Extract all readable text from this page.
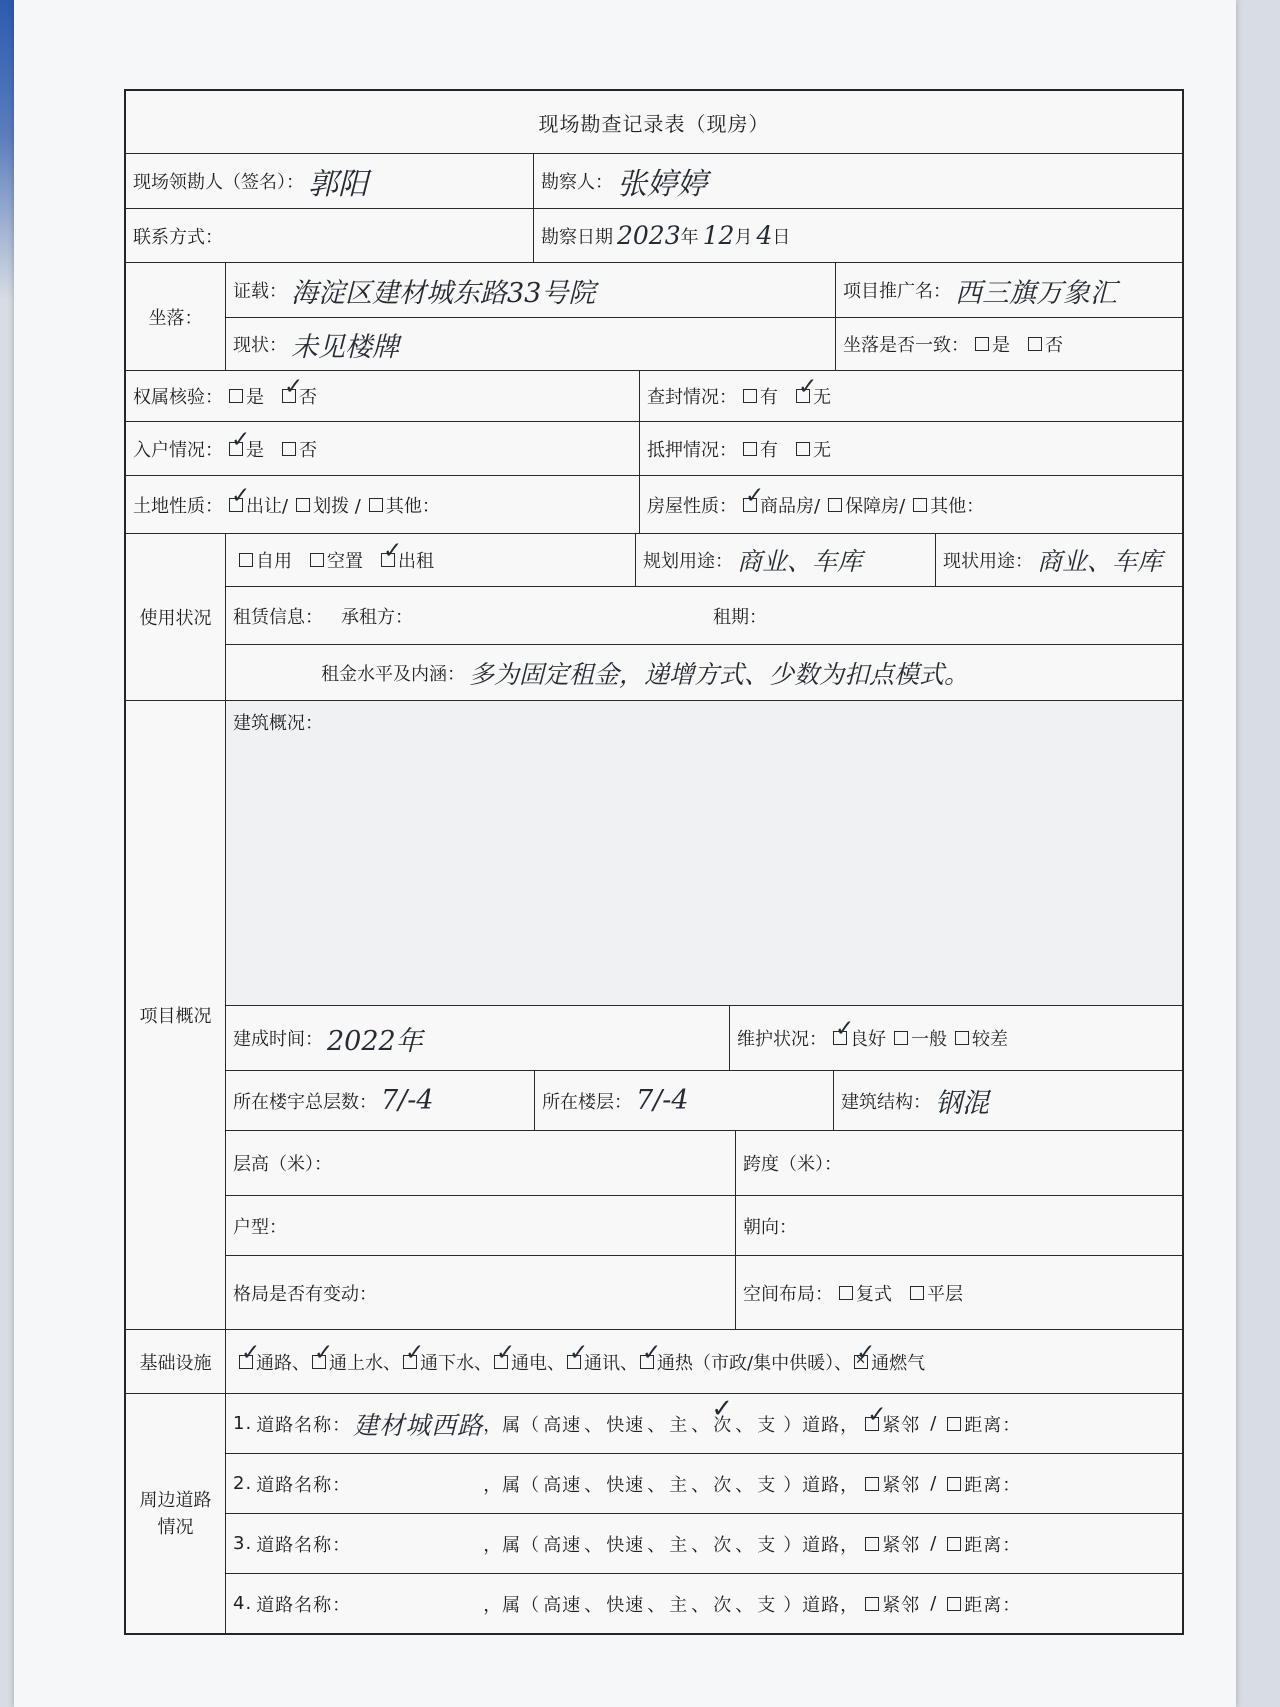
现场勘查记录表（现房）
现场领勘人（签名）： 郭阳	勘察人： 张婷婷
联系方式：	勘察日期 2023 年 12 月 4 日
坐落：
证载： 海淀区建材城东路33号院	项目推广名： 西三旗万象汇
现状： 未见楼牌	坐落是否一致： 是 否
权属核验： 是 ✓ 否	查封情况： 有 ✓ 无
入户情况： ✓ 是 否	抵押情况： 有 无
土地性质： ✓ 出让/ 划拨 / 其他：	房屋性质： ✓ 商品房/ 保障房/ 其他：
使用状况
自用 空置 ✓ 出租	规划用途： 商业、车库	现状用途： 商业、车库
租赁信息： 承租方：	租期：
租金水平及内涵： 多为固定租金，递增方式、少数为扣点模式。
项目概况
建筑概况：
建成时间： 2022年	维护状况： ✓ 良好 一般 较差
所在楼宇总层数： 7/-4	所在楼层： 7/-4	建筑结构： 钢混
层高（米）：	跨度（米）：
户型：	朝向：
格局是否有变动：	空间布局： 复式 平层
基础设施 ✓ 通路、 ✓ 通上水、 ✓ 通下水、 ✓ 通电、 ✓ 通讯、 ✓ 通热（市政/集中供暖）、 ✕ ✓ 通燃气
周边道路情况
1. 道路名称： 建材城西路 ，属（ 高速 、 快速 、 主 、 次 ✓ 、 支 ）道路， ✓ 紧邻 / 距离：
2. 道路名称：	，属（ 高速 、 快速 、 主 、 次 、 支 ）道路， 紧邻 / 距离：
3. 道路名称：	，属（ 高速 、 快速 、 主 、 次 、 支 ）道路， 紧邻 / 距离：
4. 道路名称：	，属（ 高速 、 快速 、 主 、 次 、 支 ）道路， 紧邻 / 距离：
